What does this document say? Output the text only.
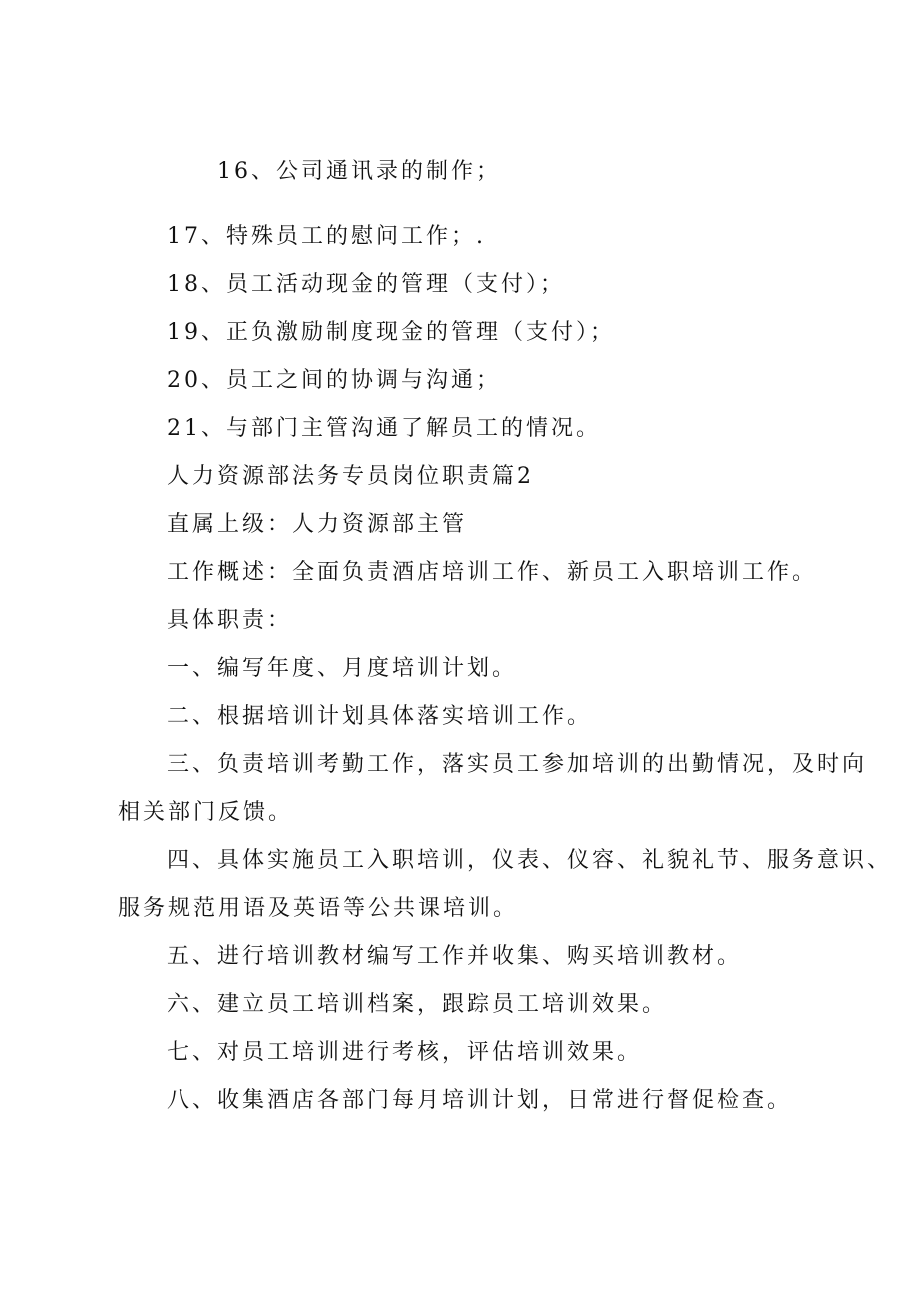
16、公司通讯录的制作；
17、特殊员工的慰问工作；.
18、员工活动现金的管理（支付）；
19、正负激励制度现金的管理（支付）；
20、员工之间的协调与沟通；
21、与部门主管沟通了解员工的情况。
人力资源部法务专员岗位职责篇2
直属上级：人力资源部主管
工作概述：全面负责酒店培训工作、新员工入职培训工作。
具体职责：
一、编写年度、月度培训计划。
二、根据培训计划具体落实培训工作。
三、负责培训考勤工作，落实员工参加培训的出勤情况，及时向
相关部门反馈。
四、具体实施员工入职培训，仪表、仪容、礼貌礼节、服务意识、
服务规范用语及英语等公共课培训。
五、进行培训教材编写工作并收集、购买培训教材。
六、建立员工培训档案，跟踪员工培训效果。
七、对员工培训进行考核，评估培训效果。
八、收集酒店各部门每月培训计划，日常进行督促检查。
